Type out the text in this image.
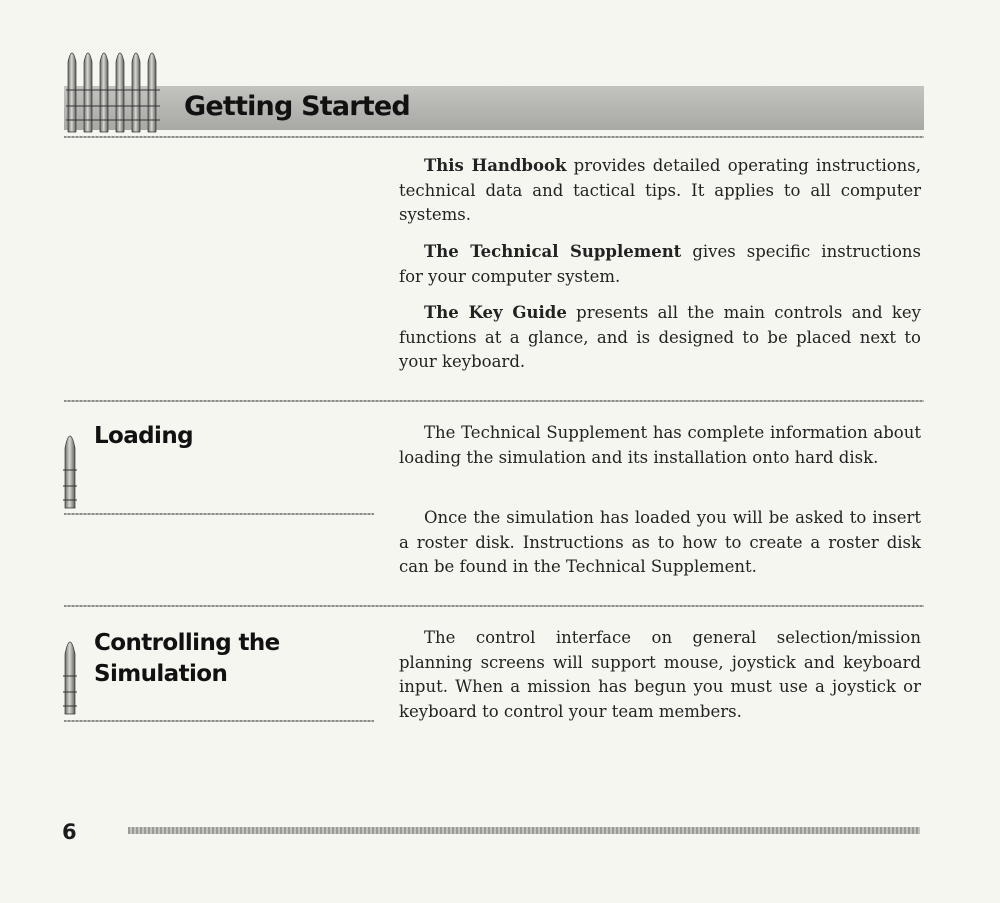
Getting Started

This Handbook provides detailed operating instructions, technical data and tactical tips. It applies to all computer systems.

The Technical Supplement gives specific instructions for your computer system.

The Key Guide presents all the main controls and key functions at a glance, and is designed to be placed next to your keyboard.

Loading	The Technical Supplement has complete information about loading the simulation and its installation onto hard disk.

Once the simulation has loaded you will be asked to insert a roster disk. Instructions as to how to create a roster disk can be found in the Technical Supplement.

Controlling the
Simulation

The control interface on general selection/mission planning screens will support mouse, joystick and keyboard input. When a mission has begun you must use a joystick or keyboard to control your team members.

6
